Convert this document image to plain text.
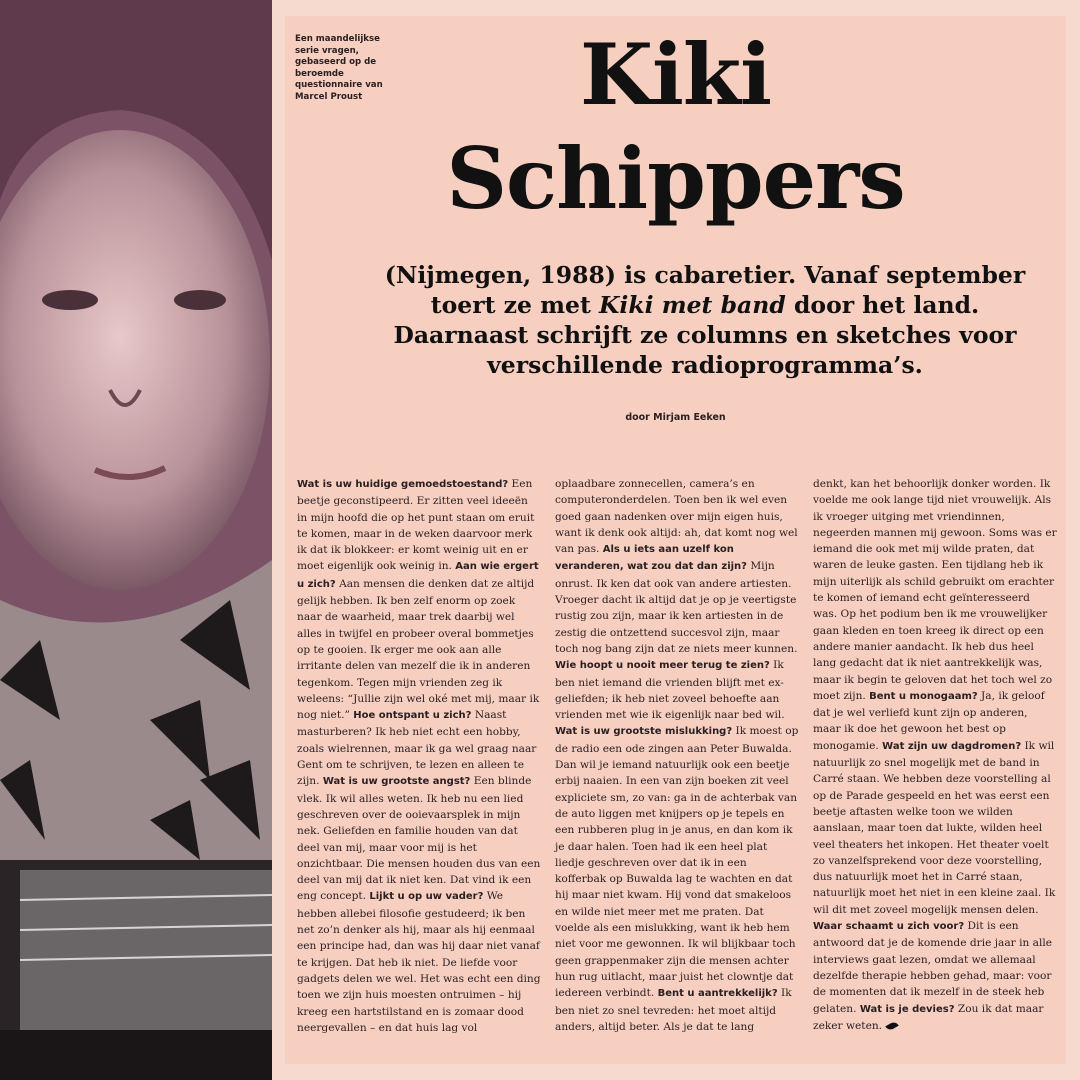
Een maandelijkse serie vragen, gebaseerd op de beroemde questionnaire van Marcel Proust	Kiki
Schippers
(Nijmegen, 1988) is cabaretier. Vanaf september toert ze met Kiki met band door het land. Daarnaast schrijft ze columns en sketches voor verschillende radioprogramma’s.
door Mirjam Eeken
Wat is uw huidige gemoedstoestand? Een beetje geconstipeerd. Er zitten veel ideeën in mijn hoofd die op het punt staan om eruit te komen, maar in de weken daarvoor merk ik dat ik blokkeer: er komt weinig uit en er moet eigenlijk ook weinig in. Aan wie ergert u zich? Aan mensen die denken dat ze altijd gelijk hebben. Ik ben zelf enorm op zoek naar de waarheid, maar trek daarbij wel alles in twijfel en probeer overal bommetjes op te gooien. Ik erger me ook aan alle irritante delen van mezelf die ik in anderen tegenkom. Tegen mijn vrienden zeg ik weleens: “Jullie zijn wel oké met mij, maar ik nog niet.” Hoe ontspant u zich? Naast masturberen? Ik heb niet echt een hobby, zoals wielrennen, maar ik ga wel graag naar Gent om te schrijven, te lezen en alleen te zijn. Wat is uw grootste angst? Een blinde vlek. Ik wil alles weten. Ik heb nu een lied geschreven over de ooievaarsplek in mijn nek. Geliefden en familie houden van dat deel van mij, maar voor mij is het onzichtbaar. Die mensen houden dus van een deel van mij dat ik niet ken. Dat vind ik een eng concept. Lijkt u op uw vader? We hebben allebei filosofie gestudeerd; ik ben net zo’n denker als hij, maar als hij eenmaal een principe had, dan was hij daar niet vanaf te krijgen. Dat heb ik niet. De liefde voor gadgets delen we wel. Het was echt een ding toen we zijn huis moesten ontruimen – hij kreeg een hartstilstand en is zomaar dood neergevallen – en dat huis lag vol
oplaadbare zonnecellen, camera’s en computeronderdelen. Toen ben ik wel even goed gaan nadenken over mijn eigen huis, want ik denk ook altijd: ah, dat komt nog wel van pas. Als u iets aan uzelf kon veranderen, wat zou dat dan zijn? Mijn onrust. Ik ken dat ook van andere artiesten. Vroeger dacht ik altijd dat je op je veertigste rustig zou zijn, maar ik ken artiesten in de zestig die ontzettend succesvol zijn, maar toch nog bang zijn dat ze niets meer kunnen. Wie hoopt u nooit meer terug te zien? Ik ben niet iemand die vrienden blijft met ex-geliefden; ik heb niet zoveel behoefte aan vrienden met wie ik eigenlijk naar bed wil. Wat is uw grootste mislukking? Ik moest op de radio een ode zingen aan Peter Buwalda. Dan wil je iemand natuurlijk ook een beetje erbij naaien. In een van zijn boeken zit veel expliciete sm, zo van: ga in de achterbak van de auto liggen met knijpers op je tepels en een rubberen plug in je anus, en dan kom ik je daar halen. Toen had ik een heel plat liedje geschreven over dat ik in een kofferbak op Buwalda lag te wachten en dat hij maar niet kwam. Hij vond dat smakeloos en wilde niet meer met me praten. Dat voelde als een mislukking, want ik heb hem niet voor me gewonnen. Ik wil blijkbaar toch geen grappenmaker zijn die mensen achter hun rug uitlacht, maar juist het clowntje dat iedereen verbindt. Bent u aantrekkelijk? Ik ben niet zo snel tevreden: het moet altijd anders, altijd beter. Als je dat te lang
denkt, kan het behoorlijk donker worden. Ik voelde me ook lange tijd niet vrouwelijk. Als ik vroeger uitging met vriendinnen, negeerden mannen mij gewoon. Soms was er iemand die ook met mij wilde praten, dat waren de leuke gasten. Een tijdlang heb ik mijn uiterlijk als schild gebruikt om erachter te komen of iemand echt geïnteresseerd was. Op het podium ben ik me vrouwelijker gaan kleden en toen kreeg ik direct op een andere manier aandacht. Ik heb dus heel lang gedacht dat ik niet aantrekkelijk was, maar ik begin te geloven dat het toch wel zo moet zijn. Bent u monogaam? Ja, ik geloof dat je wel verliefd kunt zijn op anderen, maar ik doe het gewoon het best op monogamie. Wat zijn uw dagdromen? Ik wil natuurlijk zo snel mogelijk met de band in Carré staan. We hebben deze voorstelling al op de Parade gespeeld en het was eerst een beetje aftasten welke toon we wilden aanslaan, maar toen dat lukte, wilden heel veel theaters het inkopen. Het theater voelt zo vanzelfsprekend voor deze voorstelling, dus natuurlijk moet het in Carré staan, natuurlijk moet het niet in een kleine zaal. Ik wil dit met zoveel mogelijk mensen delen. Waar schaamt u zich voor? Dit is een antwoord dat je de komende drie jaar in alle interviews gaat lezen, omdat we allemaal dezelfde therapie hebben gehad, maar: voor de momenten dat ik mezelf in de steek heb gelaten. Wat is je devies? Zou ik dat maar zeker weten.
